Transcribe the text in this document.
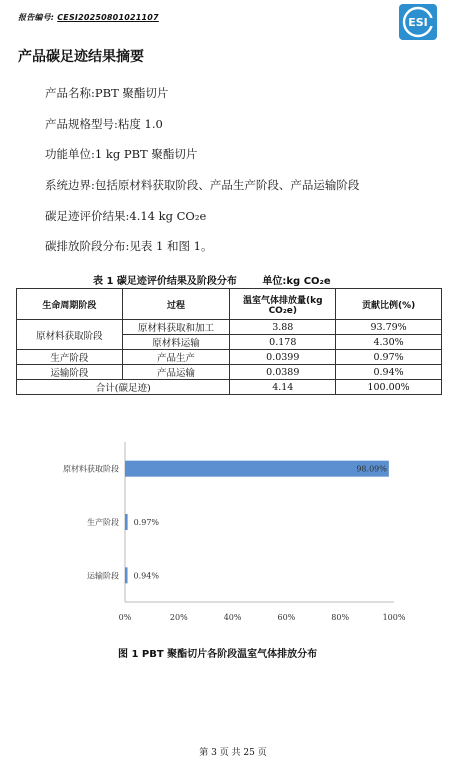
报告编号: CESI20250801021107	ESI
产品碳足迹结果摘要
产品名称:PBT 聚酯切片
产品规格型号:粘度 1.0
功能单位:1 kg PBT 聚酯切片
系统边界:包括原材料获取阶段、产品生产阶段、产品运输阶段
碳足迹评价结果:4.14 kg CO₂e
碳排放阶段分布:见表 1 和图 1。
表 1 碳足迹评价结果及阶段分布	单位:kg CO₂e
生命周期阶段	过程	温室气体排放量(kg CO₂e)	贡献比例(%)
原材料获取阶段	原材料获取和加工	3.88	93.79%
	原材料运输	0.178	4.30%
生产阶段	产品生产	0.0399	0.97%
运输阶段	产品运输	0.0389	0.94%
合计(碳足迹)		4.14	100.00%
0%	20%	40%	60%	80%	100%
原材料获取阶段	98.09%
生产阶段 0.97%
运输阶段 0.94%
图 1 PBT 聚酯切片各阶段温室气体排放分布
第 3 页 共 25 页
